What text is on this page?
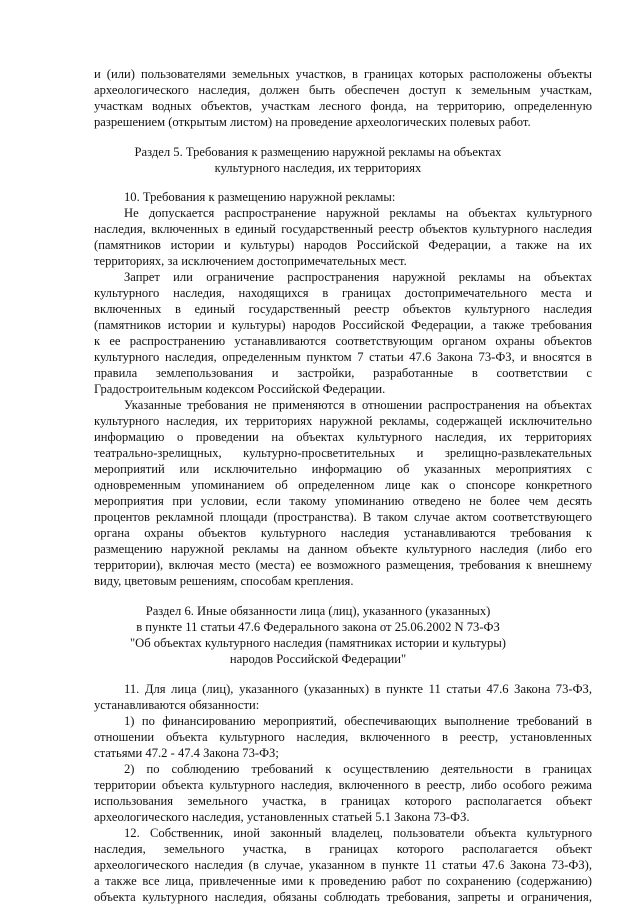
и (или) пользователями земельных участков, в границах которых расположены объекты
археологического наследия, должен быть обеспечен доступ к земельным участкам,
участкам водных объектов, участкам лесного фонда, на территорию, определенную
разрешением (открытым листом) на проведение археологических полевых работ.
Раздел 5. Требования к размещению наружной рекламы на объектах
культурного наследия, их территориях
10. Требования к размещению наружной рекламы:
Не допускается распространение наружной рекламы на объектах культурного
наследия, включенных в единый государственный реестр объектов культурного наследия
(памятников истории и культуры) народов Российской Федерации, а также на их
территориях, за исключением достопримечательных мест.
Запрет или ограничение распространения наружной рекламы на объектах
культурного наследия, находящихся в границах достопримечательного места и
включенных в единый государственный реестр объектов культурного наследия
(памятников истории и культуры) народов Российской Федерации, а также требования
к ее распространению устанавливаются соответствующим органом охраны объектов
культурного наследия, определенным пунктом 7 статьи 47.6 Закона 73-ФЗ, и вносятся в
правила землепользования и застройки, разработанные в соответствии с
Градостроительным кодексом Российской Федерации.
Указанные требования не применяются в отношении распространения на объектах
культурного наследия, их территориях наружной рекламы, содержащей исключительно
информацию о проведении на объектах культурного наследия, их территориях
театрально-зрелищных, культурно-просветительных и зрелищно-развлекательных
мероприятий или исключительно информацию об указанных мероприятиях с
одновременным упоминанием об определенном лице как о спонсоре конкретного
мероприятия при условии, если такому упоминанию отведено не более чем десять
процентов рекламной площади (пространства). В таком случае актом соответствующего
органа охраны объектов культурного наследия устанавливаются требования к
размещению наружной рекламы на данном объекте культурного наследия (либо его
территории), включая место (места) ее возможного размещения, требования к внешнему
виду, цветовым решениям, способам крепления.
Раздел 6. Иные обязанности лица (лиц), указанного (указанных)
в пункте 11 статьи 47.6 Федерального закона от 25.06.2002 N 73-ФЗ
"Об объектах культурного наследия (памятниках истории и культуры)
народов Российской Федерации"
11. Для лица (лиц), указанного (указанных) в пункте 11 статьи 47.6 Закона 73-ФЗ,
устанавливаются обязанности:
1) по финансированию мероприятий, обеспечивающих выполнение требований в
отношении объекта культурного наследия, включенного в реестр, установленных
статьями 47.2 - 47.4 Закона 73-ФЗ;
2) по соблюдению требований к осуществлению деятельности в границах
территории объекта культурного наследия, включенного в реестр, либо особого режима
использования земельного участка, в границах которого располагается объект
археологического наследия, установленных статьей 5.1 Закона 73-ФЗ.
12. Собственник, иной законный владелец, пользователи объекта культурного
наследия, земельного участка, в границах которого располагается объект
археологического наследия (в случае, указанном в пункте 11 статьи 47.6 Закона 73-ФЗ),
а также все лица, привлеченные ими к проведению работ по сохранению (содержанию)
объекта культурного наследия, обязаны соблюдать требования, запреты и ограничения,
